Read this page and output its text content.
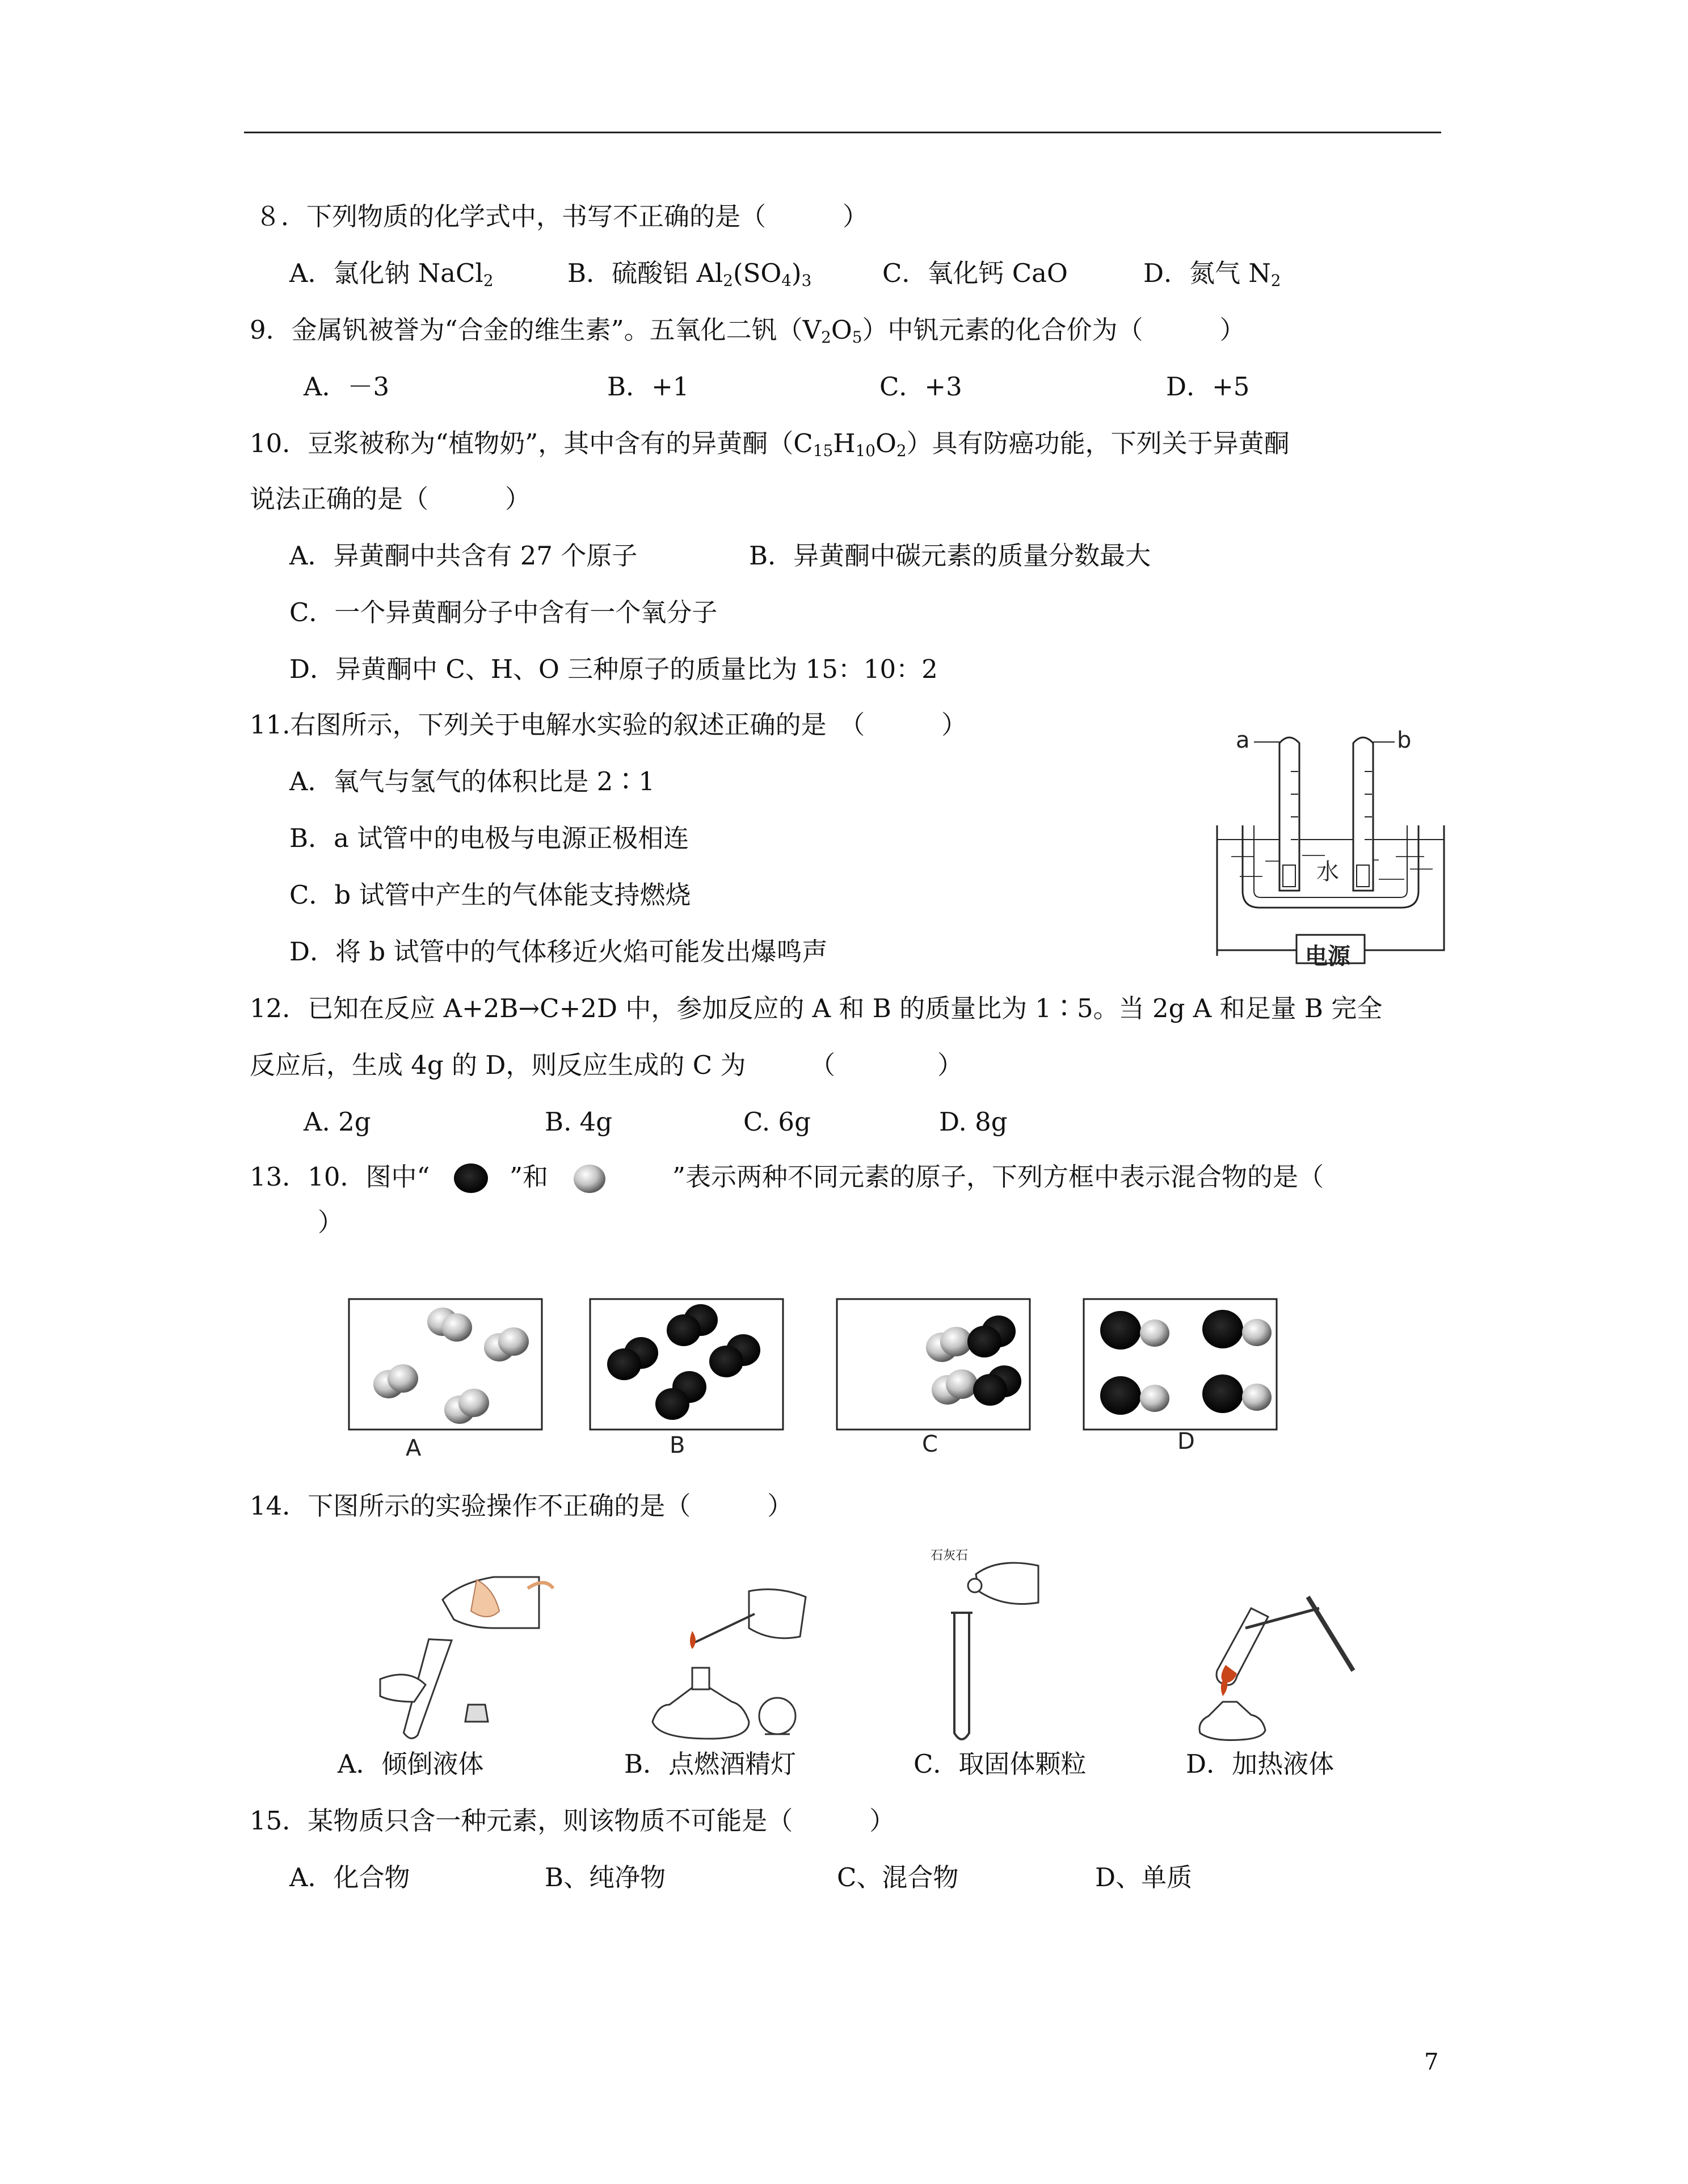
８．下列物质的化学式中，书写不正确的是（　　　）
A．氯化钠 NaCl$_2$	B．硫酸铝 $Al_2(SO_4)_3$	C．氧化钙 CaO	D．氮气 $N_2$
9．金属钒被誉为“合金的维生素”。五氧化二钒$(V_2O_5)$中钒元素的化合价为（　　　）
A．－3	B．+1	C．+3	D．+5
10．豆浆被称为“植物奶”，其中含有的异黄酮$(C_{15}H_{10}O_2)$具有防癌功能，下列关于异黄酮
说法正确的是（　　　）
A．异黄酮中共含有 27 个原子	B．异黄酮中碳元素的质量分数最大
C．一个异黄酮分子中含有一个氧分子
D．异黄酮中 C、H、O 三种原子的质量比为 15：10：2
11.右图所示，下列关于电解水实验的叙述正确的是　（　　　）
A．氧气与氢气的体积比是 2∶1
B．a 试管中的电极与电源正极相连
C．b 试管中产生的气体能支持燃烧
D．将 b 试管中的气体移近火焰可能发出爆鸣声
a	b
水
电源
12．已知在反应 A+2B→C+2D 中，参加反应的 A 和 B 的质量比为 1∶5。当 2g A 和足量 B 完全
反应后，生成 4g 的 D，则反应生成的 C 为　　　（　　　　）
A. 2g	B. 4g	C. 6g	D. 8g
13．10．图中“	”和	”表示两种不同元素的原子，下列方框中表示混合物的是（
）
A	B	C	D
14．下图所示的实验操作不正确的是（　　　）
石灰石
A．倾倒液体	B．点燃酒精灯	C．取固体颗粒	D．加热液体
15．某物质只含一种元素，则该物质不可能是（　　　）
A．化合物	B、纯净物	C、混合物	D、单质
7
